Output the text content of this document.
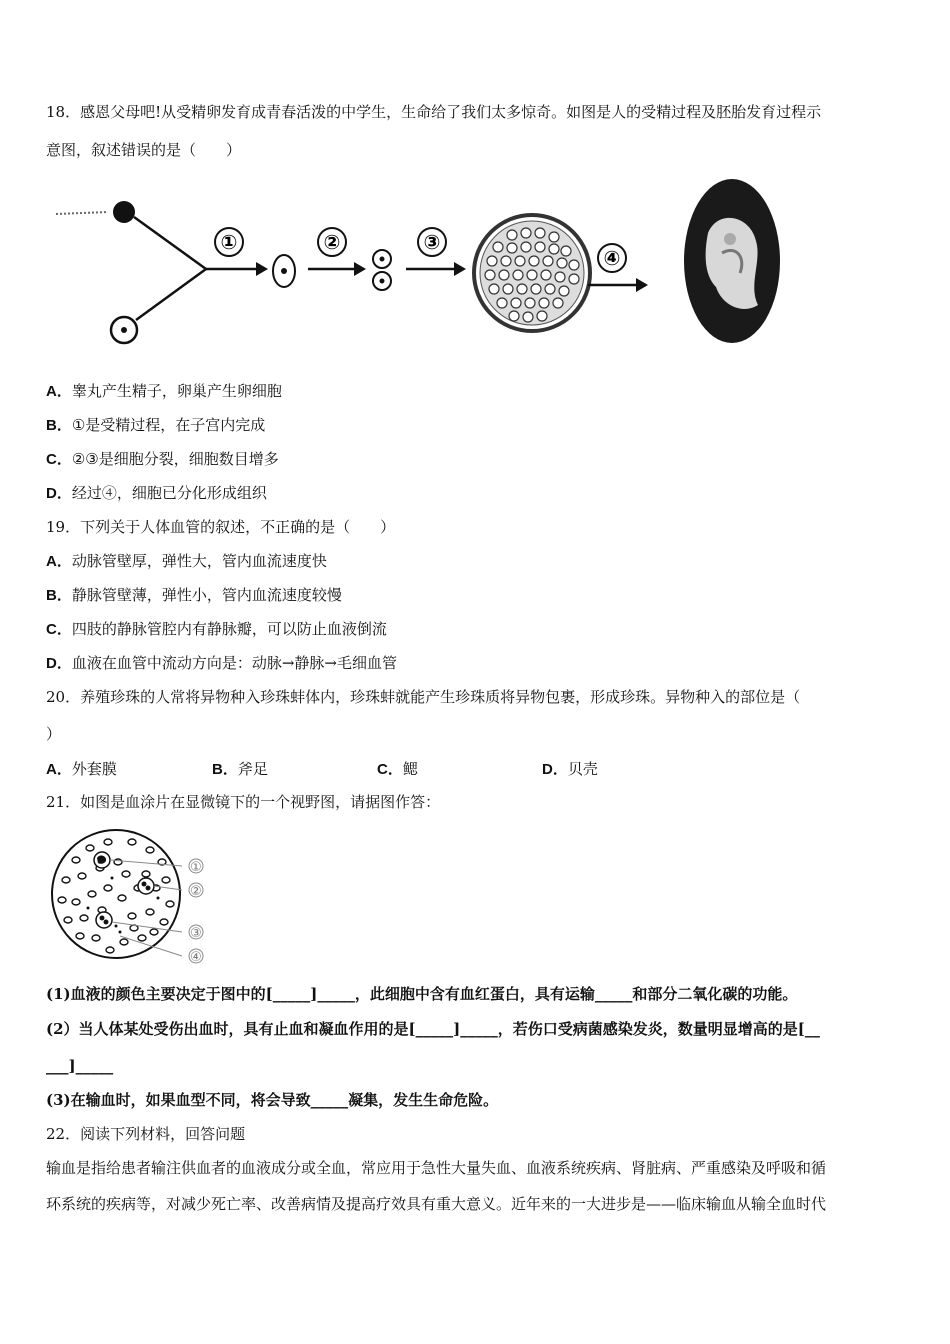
18．感恩父母吧!从受精卵发育成青春活泼的中学生，生命给了我们太多惊奇。如图是人的受精过程及胚胎发育过程示
意图，叙述错误的是（　　）
①	②	③
④
A．睾丸产生精子，卵巢产生卵细胞
B．①是受精过程，在子宫内完成
C．②③是细胞分裂，细胞数目增多
D．经过④，细胞已分化形成组织
19．下列关于人体血管的叙述，不正确的是（　　）
A．动脉管壁厚，弹性大，管内血流速度快
B．静脉管壁薄，弹性小，管内血流速度较慢
C．四肢的静脉管腔内有静脉瓣，可以防止血液倒流
D．血液在血管中流动方向是：动脉→静脉→毛细血管
20．养殖珍珠的人常将异物种入珍珠蚌体内，珍珠蚌就能产生珍珠质将异物包裹，形成珍珠。异物种入的部位是（
）
A．外套膜	B．斧足	C．鳃	D．贝壳
21．如图是血涂片在显微镜下的一个视野图，请据图作答：
①
②
③
④
(1)血液的颜色主要决定于图中的[_____]_____，此细胞中含有血红蛋白，具有运输_____和部分二氧化碳的功能。
(2）当人体某处受伤出血时，具有止血和凝血作用的是[_____]_____，若伤口受病菌感染发炎，数量明显增高的是[__
___]_____
(3)在输血时，如果血型不同，将会导致_____凝集，发生生命危险。
22．阅读下列材料，回答问题
输血是指给患者输注供血者的血液成分或全血，常应用于急性大量失血、血液系统疾病、肾脏病、严重感染及呼吸和循
环系统的疾病等，对减少死亡率、改善病情及提高疗效具有重大意义。近年来的一大进步是——临床输血从输全血时代
